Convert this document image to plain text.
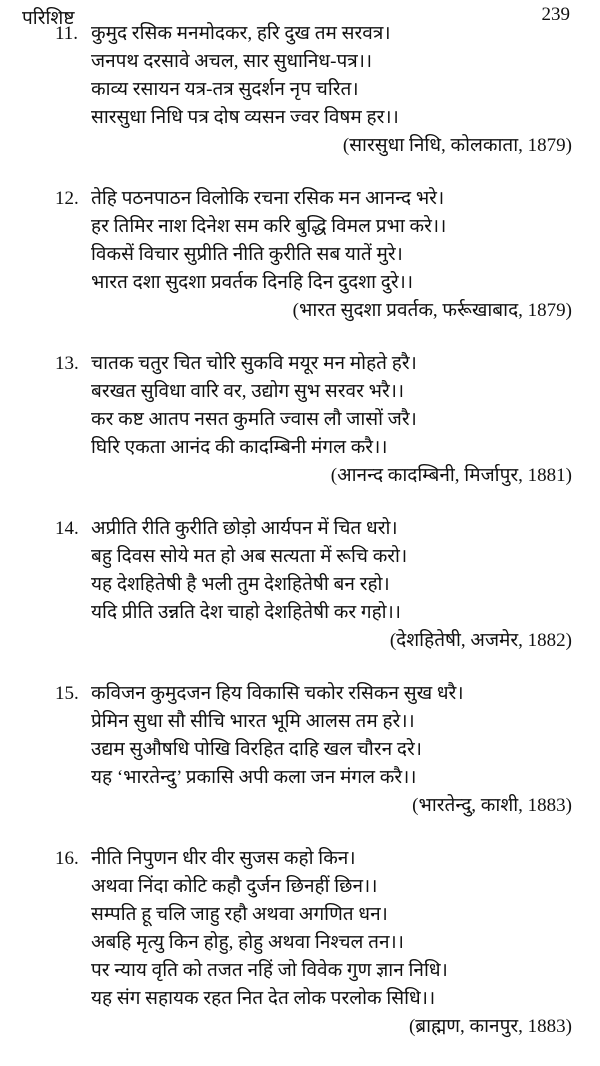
परिशिष्ट	239
11. कुमुद रसिक मनमोदकर, हरि दुख तम सरवत्र।
जनपथ दरसावे अचल, सार सुधानिध-पत्र।।
काव्य रसायन यत्र-तत्र सुदर्शन नृप चरित।
सारसुधा निधि पत्र दोष व्यसन ज्वर विषम हर।।
(सारसुधा निधि, कोलकाता, 1879)
12. तेहि पठनपाठन विलोकि रचना रसिक मन आनन्द भरे।
हर तिमिर नाश दिनेश सम करि बुद्धि विमल प्रभा करे।।
विकसें विचार सुप्रीति नीति कुरीति सब यातें मुरे।
भारत दशा सुदशा प्रवर्तक दिनहि दिन दुदशा दुरे।।
(भारत सुदशा प्रवर्तक, फर्रूखाबाद, 1879)
13. चातक चतुर चित चोरि सुकवि मयूर मन मोहते हरै।
बरखत सुविधा वारि वर, उद्योग सुभ सरवर भरै।।
कर कष्ट आतप नसत कुमति ज्वास लौ जासों जरै।
घिरि एकता आनंद की कादम्बिनी मंगल करै।।
(आनन्द कादम्बिनी, मिर्जापुर, 1881)
14. अप्रीति रीति कुरीति छोड़ो आर्यपन में चित धरो।
बहु दिवस सोये मत हो अब सत्यता में रूचि करो।
यह देशहितेषी है भली तुम देशहितेषी बन रहो।
यदि प्रीति उन्नति देश चाहो देशहितेषी कर गहो।।
(देशहितेषी, अजमेर, 1882)
15. कविजन कुमुदजन हिय विकासि चकोर रसिकन सुख धरै।
प्रेमिन सुधा सौ सीचि भारत भूमि आलस तम हरे।।
उद्यम सुऔषधि पोखि विरहित दाहि खल चौरन दरे।
यह ‘भारतेन्दु’ प्रकासि अपी कला जन मंगल करै।।
(भारतेन्दु, काशी, 1883)
16. नीति निपुणन धीर वीर सुजस कहो किन।
अथवा निंदा कोटि कहौ दुर्जन छिनहीं छिन।।
सम्पति हू चलि जाहु रहौ अथवा अगणित धन।
अबहि मृत्यु किन होहु, होहु अथवा निश्चल तन।।
पर न्याय वृति को तजत नहिं जो विवेक गुण ज्ञान निधि।
यह संग सहायक रहत नित देत लोक परलोक सिधि।।
(ब्राह्मण, कानपुर, 1883)
